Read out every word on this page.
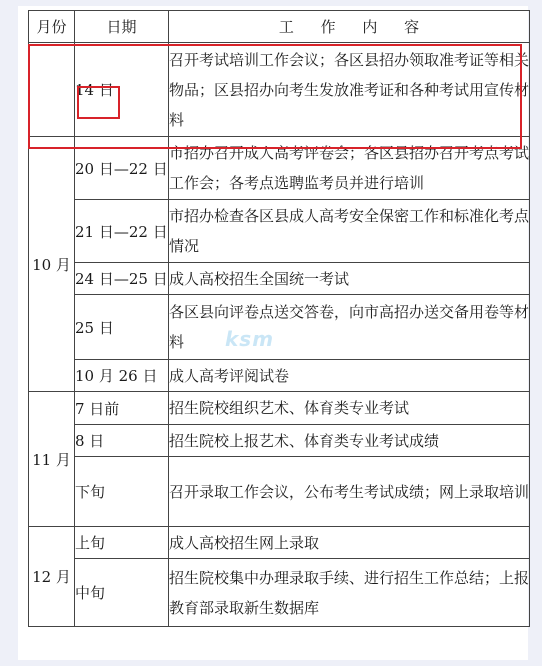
月份	日期	工 作 内 容
	14 日	召开考试培训工作会议；各区县招办领取准考证等相关物品；区县招办向考生发放准考证和各种考试用宣传材料
10 月	20 日—22 日	市招办召开成人高考评卷会；各区县招办召开考点考试工作会；各考点选聘监考员并进行培训
	21 日—22 日	市招办检查各区县成人高考安全保密工作和标准化考点情况
	24 日—25 日	成人高校招生全国统一考试
	25 日	各区县向评卷点送交答卷，向市高招办送交备用卷等材料
	10 月 26 日	成人高考评阅试卷
11 月	7 日前	招生院校组织艺术、体育类专业考试
	8 日	招生院校上报艺术、体育类专业考试成绩
	下旬	召开录取工作会议，公布考生考试成绩；网上录取培训
12 月	上旬	成人高校招生网上录取
	中旬	招生院校集中办理录取手续、进行招生工作总结；上报教育部录取新生数据库
ksm
